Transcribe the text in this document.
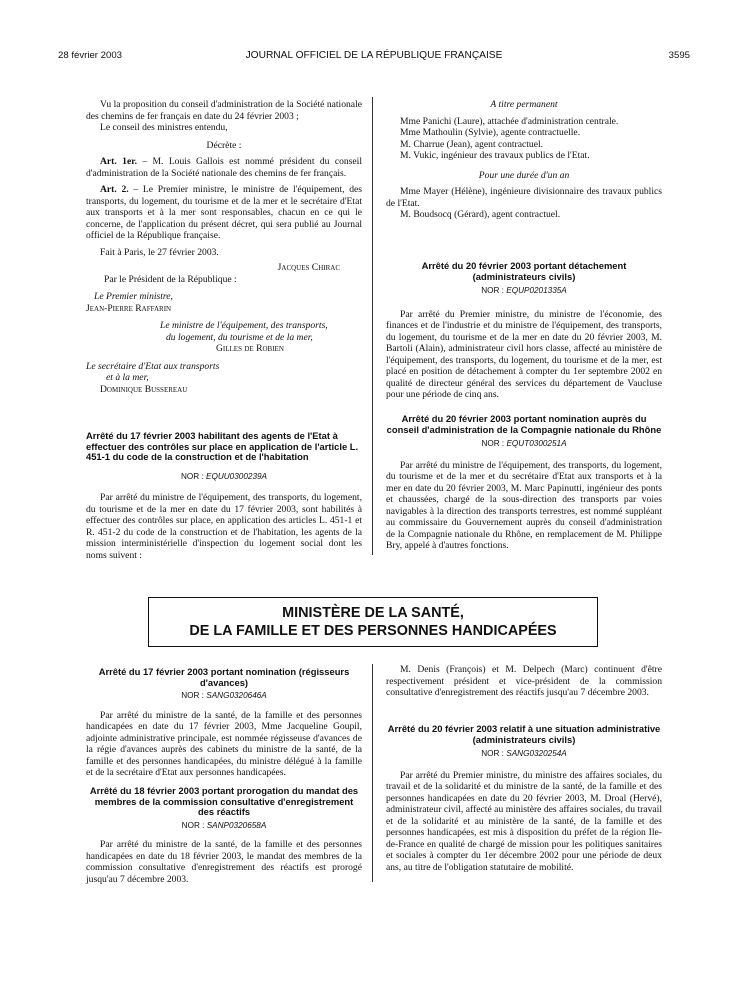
28 février 2003	JOURNAL OFFICIEL DE LA RÉPUBLIQUE FRANÇAISE	3595

Vu la proposition du conseil d'administration de la Société nationale des chemins de fer français en date du 24 février 2003 ;

Le conseil des ministres entendu,

Décrète :

Art. 1er. – M. Louis Gallois est nommé président du conseil d'administration de la Société nationale des chemins de fer français.

Art. 2. – Le Premier ministre, le ministre de l'équipement, des transports, du logement, du tourisme et de la mer et le secrétaire d'Etat aux transports et à la mer sont responsables, chacun en ce qui le concerne, de l'application du présent décret, qui sera publié au Journal officiel de la République française.

Fait à Paris, le 27 février 2003.

Jacques Chirac

Par le Président de la République :

Le Premier ministre,

Jean-Pierre Raffarin

Le ministre de l'équipement, des transports,

du logement, du tourisme et de la mer,

Gilles de Robien

Le secrétaire d'Etat aux transports

et à la mer,

Dominique Bussereau

Arrêté du 17 février 2003 habilitant des agents de l'Etat à effectuer des contrôles sur place en application de l'article L. 451-1 du code de la construction et de l'habitation

NOR : EQUU0300239A

Par arrêté du ministre de l'équipement, des transports, du logement, du tourisme et de la mer en date du 17 février 2003, sont habilités à effectuer des contrôles sur place, en application des articles L. 451-1 et R. 451-2 du code de la construction et de l'habitation, les agents de la mission interministérielle d'inspection du logement social dont les noms suivent :

A titre permanent

Mme Panichi (Laure), attachée d'administration centrale.

Mme Mathoulin (Sylvie), agente contractuelle.

M. Charrue (Jean), agent contractuel.

M. Vukic, ingénieur des travaux publics de l'Etat.

Pour une durée d'un an

Mme Mayer (Hélène), ingénieure divisionnaire des travaux publics de l'Etat.

M. Boudsocq (Gérard), agent contractuel.

Arrêté du 20 février 2003 portant détachement (administrateurs civils)

NOR : EQUP0201335A

Par arrêté du Premier ministre, du ministre de l'économie, des finances et de l'industrie et du ministre de l'équipement, des transports, du logement, du tourisme et de la mer en date du 20 février 2003, M. Bartoli (Alain), administrateur civil hors classe, affecté au ministère de l'équipement, des transports, du logement, du tourisme et de la mer, est placé en position de détachement à compter du 1er septembre 2002 en qualité de directeur général des services du département de Vaucluse pour une période de cinq ans.

Arrêté du 20 février 2003 portant nomination auprès du conseil d'administration de la Compagnie nationale du Rhône

NOR : EQUT0300251A

Par arrêté du ministre de l'équipement, des transports, du logement, du tourisme et de la mer et du secrétaire d'Etat aux transports et à la mer en date du 20 février 2003, M. Marc Papinutti, ingénieur des ponts et chaussées, chargé de la sous-direction des transports par voies navigables à la direction des transports terrestres, est nommé suppléant au commissaire du Gouvernement auprès du conseil d'administration de la Compagnie nationale du Rhône, en remplacement de M. Philippe Bry, appelé à d'autres fonctions.

MINISTÈRE DE LA SANTÉ,
DE LA FAMILLE ET DES PERSONNES HANDICAPÉES

Arrêté du 17 février 2003 portant nomination (régisseurs d'avances)

NOR : SANG0320646A

Par arrêté du ministre de la santé, de la famille et des personnes handicapées en date du 17 février 2003, Mme Jacqueline Goupil, adjointe administrative principale, est nommée régisseuse d'avances de la régie d'avances auprès des cabinets du ministre de la santé, de la famille et des personnes handicapées, du ministre délégué à la famille et de la secrétaire d'Etat aux personnes handicapées.

Arrêté du 18 février 2003 portant prorogation du mandat des membres de la commission consultative d'enregistrement des réactifs

NOR : SANP0320658A

Par arrêté du ministre de la santé, de la famille et des personnes handicapées en date du 18 février 2003, le mandat des membres de la commission consultative d'enregistrement des réactifs est prorogé jusqu'au 7 décembre 2003.

M. Denis (François) et M. Delpech (Marc) continuent d'être respectivement président et vice-président de la commission consultative d'enregistrement des réactifs jusqu'au 7 décembre 2003.

Arrêté du 20 février 2003 relatif à une situation administrative (administrateurs civils)

NOR : SANG0320254A

Par arrêté du Premier ministre, du ministre des affaires sociales, du travail et de la solidarité et du ministre de la santé, de la famille et des personnes handicapées en date du 20 février 2003, M. Droal (Hervé), administrateur civil, affecté au ministère des affaires sociales, du travail et de la solidarité et au ministère de la santé, de la famille et des personnes handicapées, est mis à disposition du préfet de la région Ile-de-France en qualité de chargé de mission pour les politiques sanitaires et sociales à compter du 1er décembre 2002 pour une période de deux ans, au titre de l'obligation statutaire de mobilité.
